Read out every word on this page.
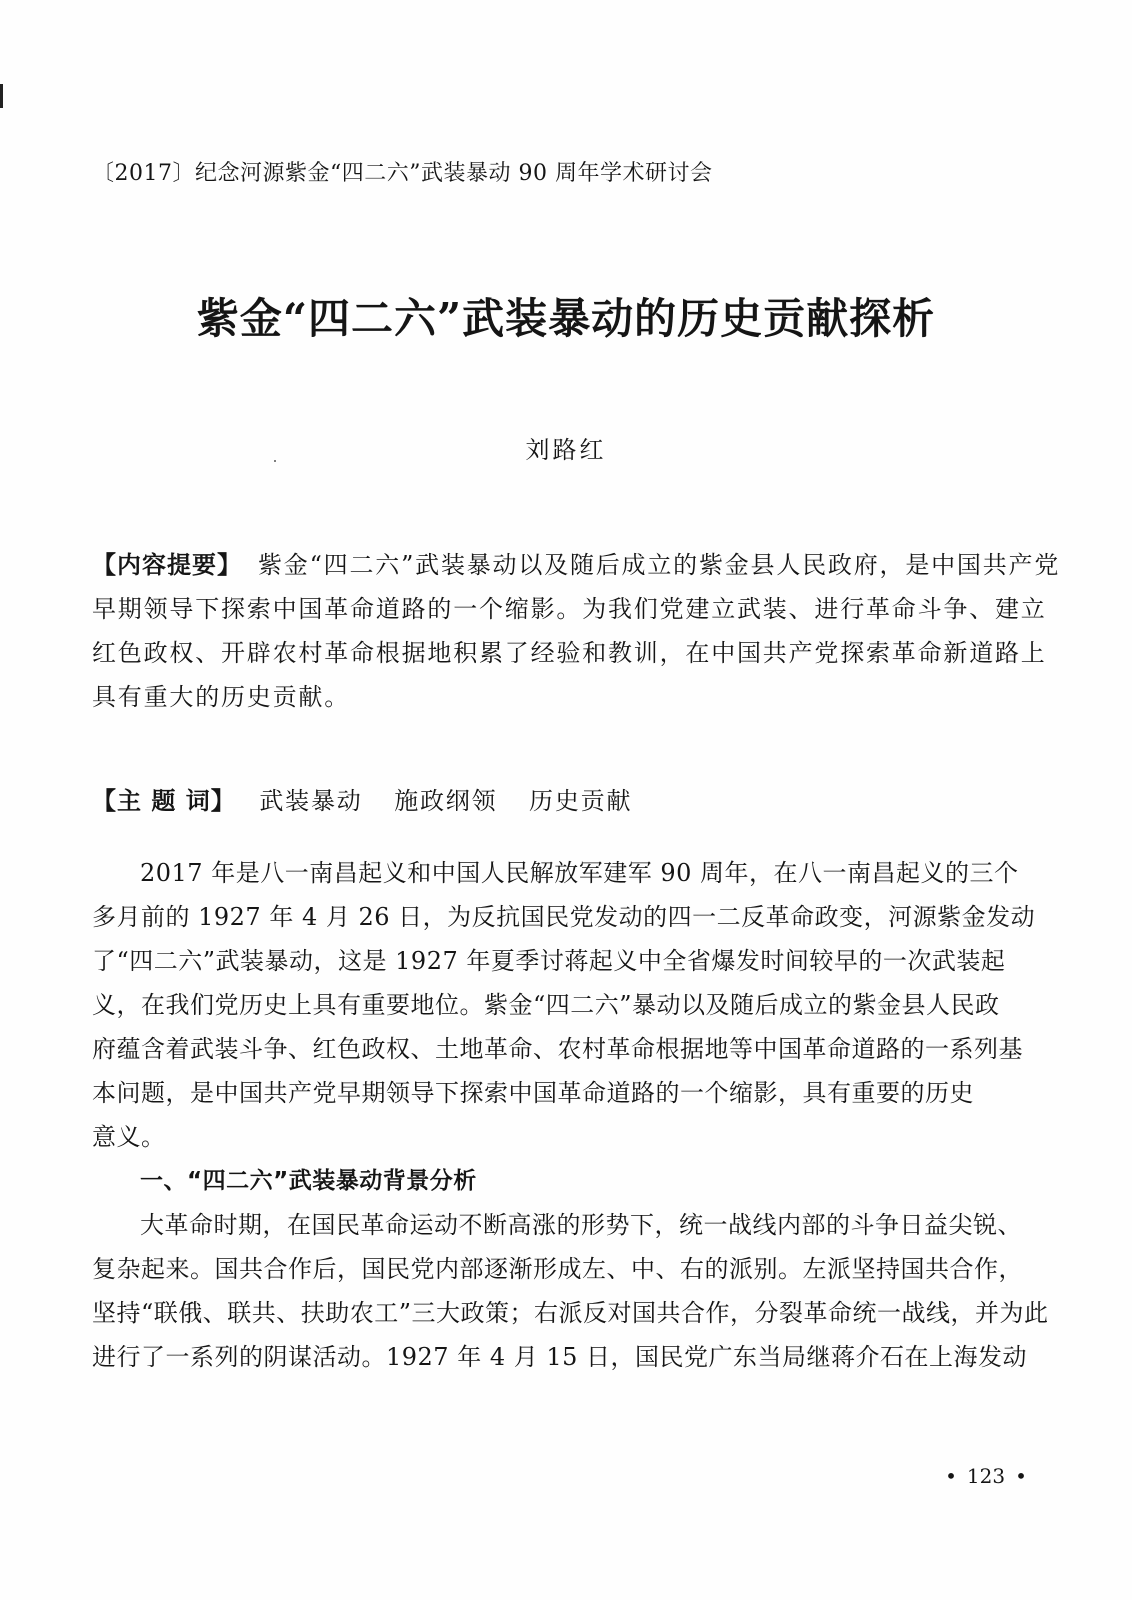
〔2017〕纪念河源紫金“四二六”武装暴动 90 周年学术研讨会
紫金“四二六”武装暴动的历史贡献探析
刘路红
【内容提要】 紫金“四二六”武装暴动以及随后成立的紫金县人民政府，是中国共产党
早期领导下探索中国革命道路的一个缩影。为我们党建立武装、进行革命斗争、建立
红色政权、开辟农村革命根据地积累了经验和教训，在中国共产党探索革命新道路上
具有重大的历史贡献。
【主 题 词】 武装暴动 施政纲领 历史贡献
2017 年是八一南昌起义和中国人民解放军建军 90 周年，在八一南昌起义的三个
多月前的 1927 年 4 月 26 日，为反抗国民党发动的四一二反革命政变，河源紫金发动
了“四二六”武装暴动，这是 1927 年夏季讨蒋起义中全省爆发时间较早的一次武装起
义，在我们党历史上具有重要地位。紫金“四二六”暴动以及随后成立的紫金县人民政
府蕴含着武装斗争、红色政权、土地革命、农村革命根据地等中国革命道路的一系列基
本问题，是中国共产党早期领导下探索中国革命道路的一个缩影，具有重要的历史
意义。
一、“四二六”武装暴动背景分析
大革命时期，在国民革命运动不断高涨的形势下，统一战线内部的斗争日益尖锐、
复杂起来。国共合作后，国民党内部逐渐形成左、中、右的派别。左派坚持国共合作，
坚持“联俄、联共、扶助农工”三大政策；右派反对国共合作，分裂革命统一战线，并为此
进行了一系列的阴谋活动。1927 年 4 月 15 日，国民党广东当局继蒋介石在上海发动
• 123 •
